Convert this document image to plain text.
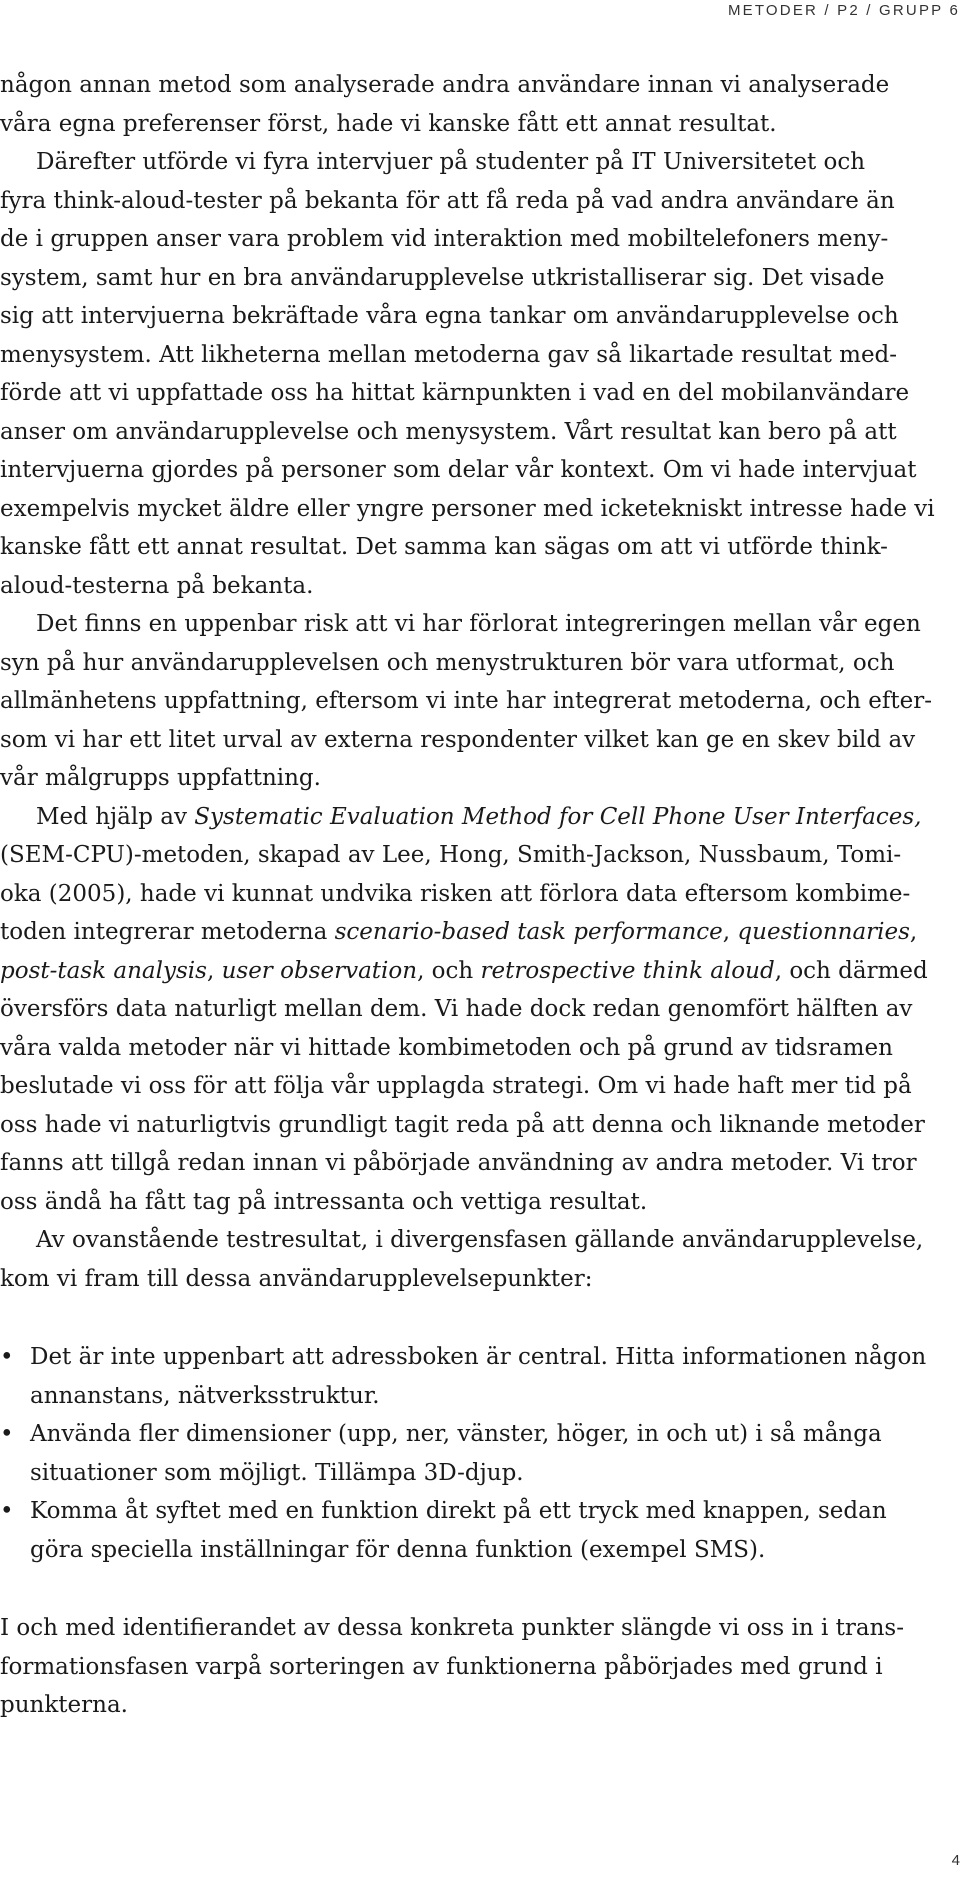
METODER / P2 / GRUPP 6

någon annan metod som analyserade andra användare innan vi analyserade
våra egna preferenser först, hade vi kanske fått ett annat resultat.

Därefter utförde vi fyra intervjuer på studenter på IT Universitetet och
fyra think-aloud-tester på bekanta för att få reda på vad andra användare än
de i gruppen anser vara problem vid interaktion med mobiltelefoners meny-
system, samt hur en bra användarupplevelse utkristalliserar sig. Det visade
sig att intervjuerna bekräftade våra egna tankar om användarupplevelse och
menysystem. Att likheterna mellan metoderna gav så likartade resultat med-
förde att vi uppfattade oss ha hittat kärnpunkten i vad en del mobilanvändare
anser om användarupplevelse och menysystem. Vårt resultat kan bero på att
intervjuerna gjordes på personer som delar vår kontext. Om vi hade intervjuat
exempelvis mycket äldre eller yngre personer med icketekniskt intresse hade vi
kanske fått ett annat resultat. Det samma kan sägas om att vi utförde think-
aloud-testerna på bekanta.

Det finns en uppenbar risk att vi har förlorat integreringen mellan vår egen
syn på hur användarupplevelsen och menystrukturen bör vara utformat, och
allmänhetens uppfattning, eftersom vi inte har integrerat metoderna, och efter-
som vi har ett litet urval av externa respondenter vilket kan ge en skev bild av
vår målgrupps uppfattning.

Med hjälp av Systematic Evaluation Method for Cell Phone User Interfaces,
(SEM-CPU)-metoden, skapad av Lee, Hong, Smith-Jackson, Nussbaum, Tomi-
oka (2005), hade vi kunnat undvika risken att förlora data eftersom kombime-
toden integrerar metoderna scenario-based task performance, questionnaries,
post-task analysis, user observation, och retrospective think aloud, och därmed
översförs data naturligt mellan dem. Vi hade dock redan genomfört hälften av
våra valda metoder när vi hittade kombimetoden och på grund av tidsramen
beslutade vi oss för att följa vår upplagda strategi. Om vi hade haft mer tid på
oss hade vi naturligtvis grundligt tagit reda på att denna och liknande metoder
fanns att tillgå redan innan vi påbörjade användning av andra metoder. Vi tror
oss ändå ha fått tag på intressanta och vettiga resultat.

Av ovanstående testresultat, i divergensfasen gällande användarupplevelse,
kom vi fram till dessa användarupplevelsepunkter:

• Det är inte uppenbart att adressboken är central. Hitta informationen någon
annanstans, nätverksstruktur.
• Använda fler dimensioner (upp, ner, vänster, höger, in och ut) i så många
situationer som möjligt. Tillämpa 3D-djup.
• Komma åt syftet med en funktion direkt på ett tryck med knappen, sedan
göra speciella inställningar för denna funktion (exempel SMS).

I och med identifierandet av dessa konkreta punkter slängde vi oss in i trans-
formationsfasen varpå sorteringen av funktionerna påbörjades med grund i
punkterna.

4
